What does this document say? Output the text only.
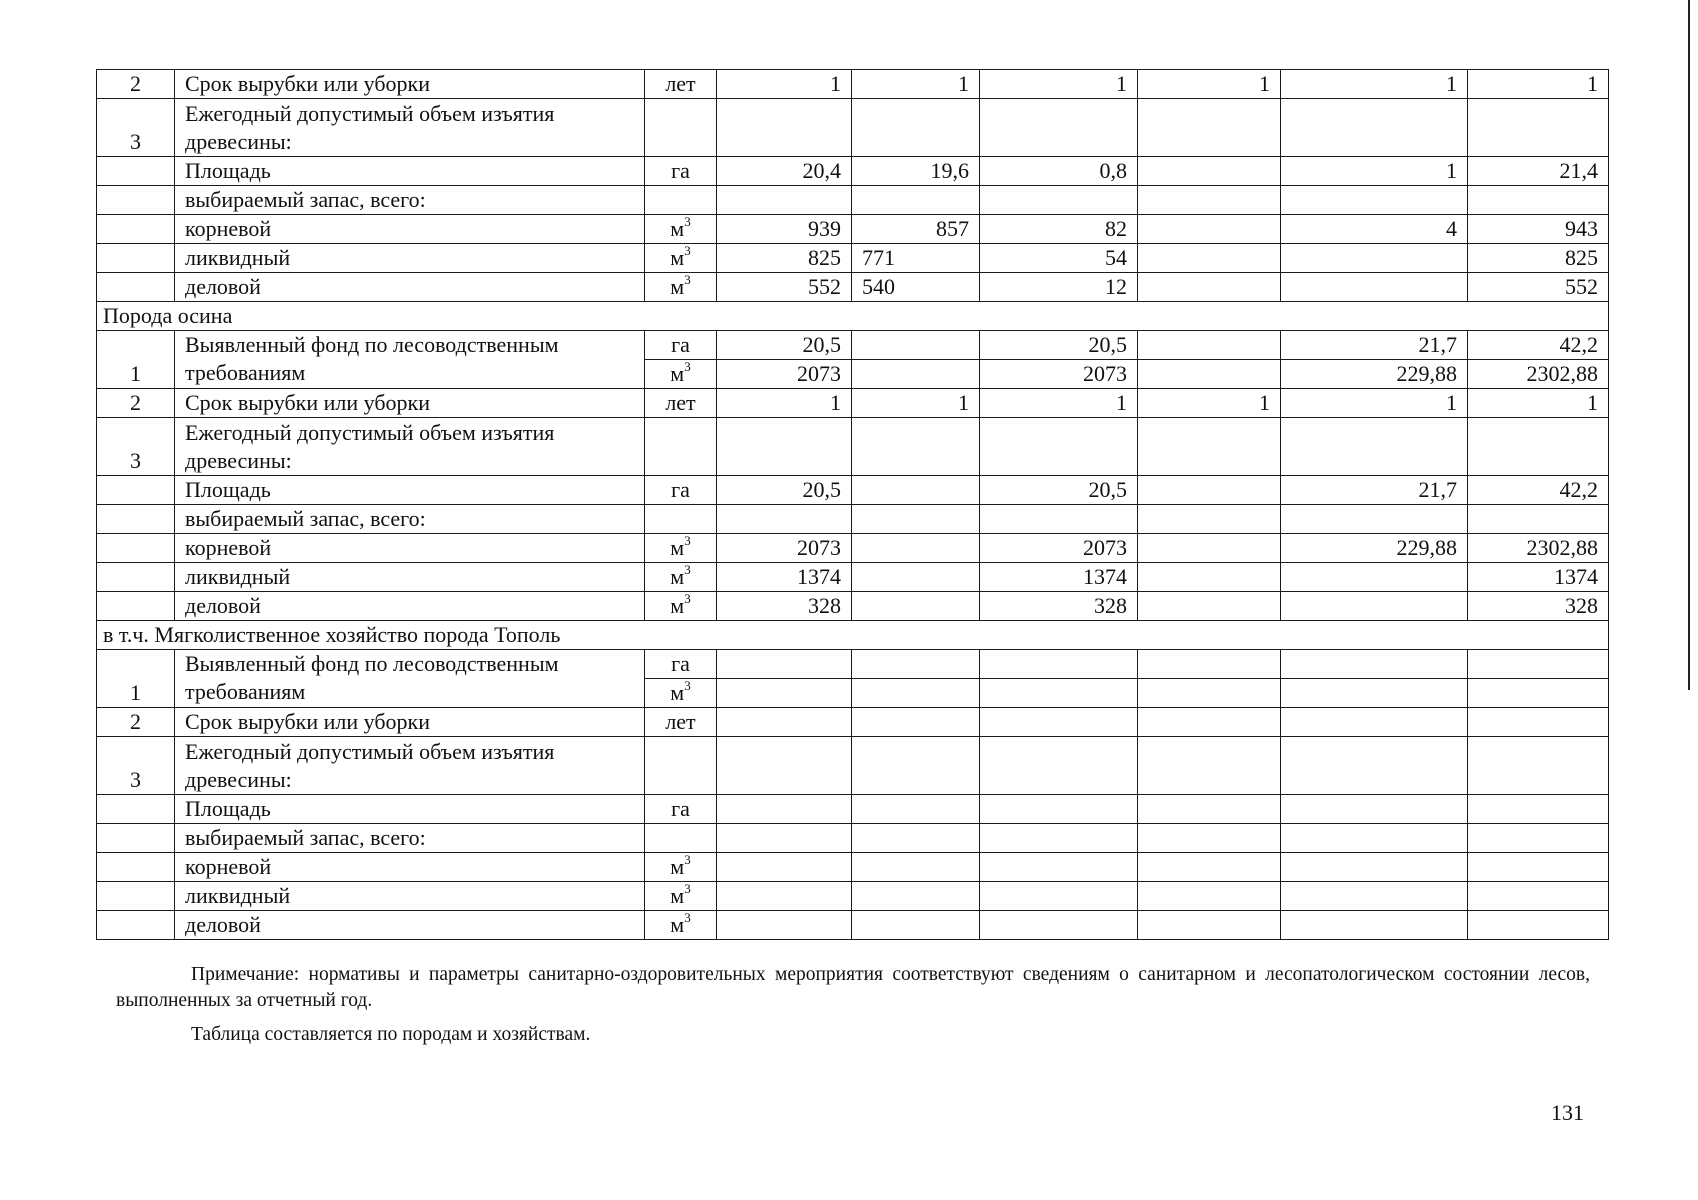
2	Срок вырубки или уборки	лет	1	1	1	1	1	1
3	Ежегодный допустимый объем изъятия древесины:							
	Площадь	га	20,4	19,6	0,8		1	21,4
	выбираемый запас, всего:							
	корневой	$м^3$	939	857	82		4	943
	ликвидный	$м^3$	825	771	54			825
	деловой	$м^3$	552	540	12			552
Порода осина								
1	Выявленный фонд по лесоводственным требованиям	га	20,5		20,5		21,7	42,2
		$м^3$	2073		2073		229,88	2302,88
2	Срок вырубки или уборки	лет	1	1	1	1	1	1
3	Ежегодный допустимый объем изъятия древесины:							
	Площадь	га	20,5		20,5		21,7	42,2
	выбираемый запас, всего:							
	корневой	$м^3$	2073		2073		229,88	2302,88
	ликвидный	$м^3$	1374		1374			1374
	деловой	$м^3$	328		328			328
в т.ч. Мягколиственное хозяйство порода Тополь								
1	Выявленный фонд по лесоводственным требованиям	га						
		$м^3$						
2	Срок вырубки или уборки	лет						
3	Ежегодный допустимый объем изъятия древесины:							
	Площадь	га						
	выбираемый запас, всего:							
	корневой	$м^3$						
	ликвидный	$м^3$						
	деловой	$м^3$						
Примечание: нормативы и параметры санитарно-оздоровительных мероприятия соответствуют сведениям о санитарном и лесопатологическом состоянии лесов, выполненных за отчетный год.
Таблица составляется по породам и хозяйствам.
131
